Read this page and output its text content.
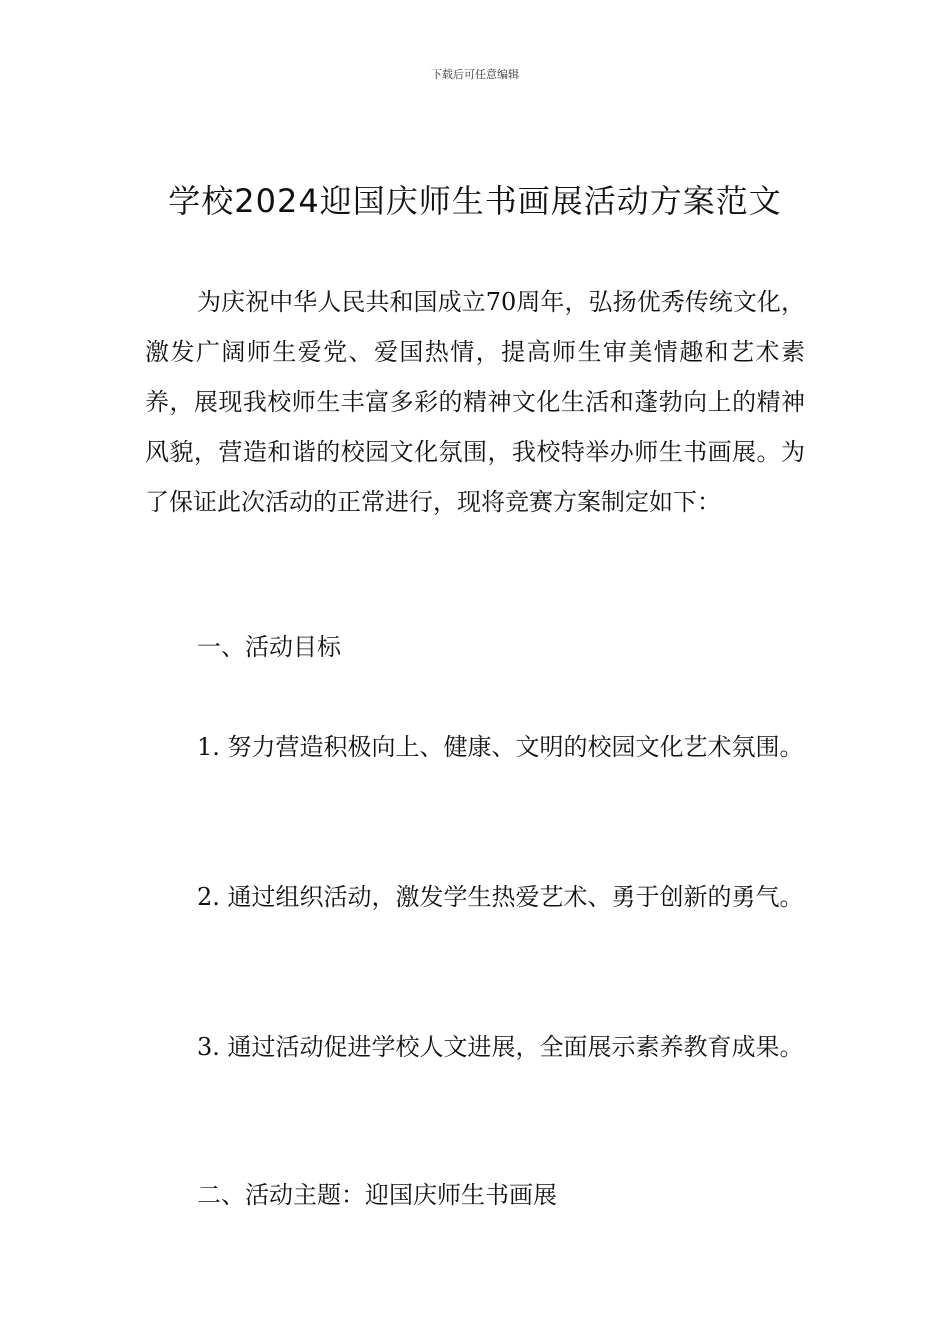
下载后可任意编辑
学校2024迎国庆师生书画展活动方案范文

为庆祝中华人民共和国成立70周年，弘扬优秀传统文化，激发广阔师生爱党、爱国热情，提高师生审美情趣和艺术素养，展现我校师生丰富多彩的精神文化生活和蓬勃向上的精神风貌，营造和谐的校园文化氛围，我校特举办师生书画展。为了保证此次活动的正常进行，现将竞赛方案制定如下：

一、活动目标

1. 努力营造积极向上、健康、文明的校园文化艺术氛围。

2. 通过组织活动，激发学生热爱艺术、勇于创新的勇气。

3. 通过活动促进学校人文进展，全面展示素养教育成果。

二、活动主题：迎国庆师生书画展
